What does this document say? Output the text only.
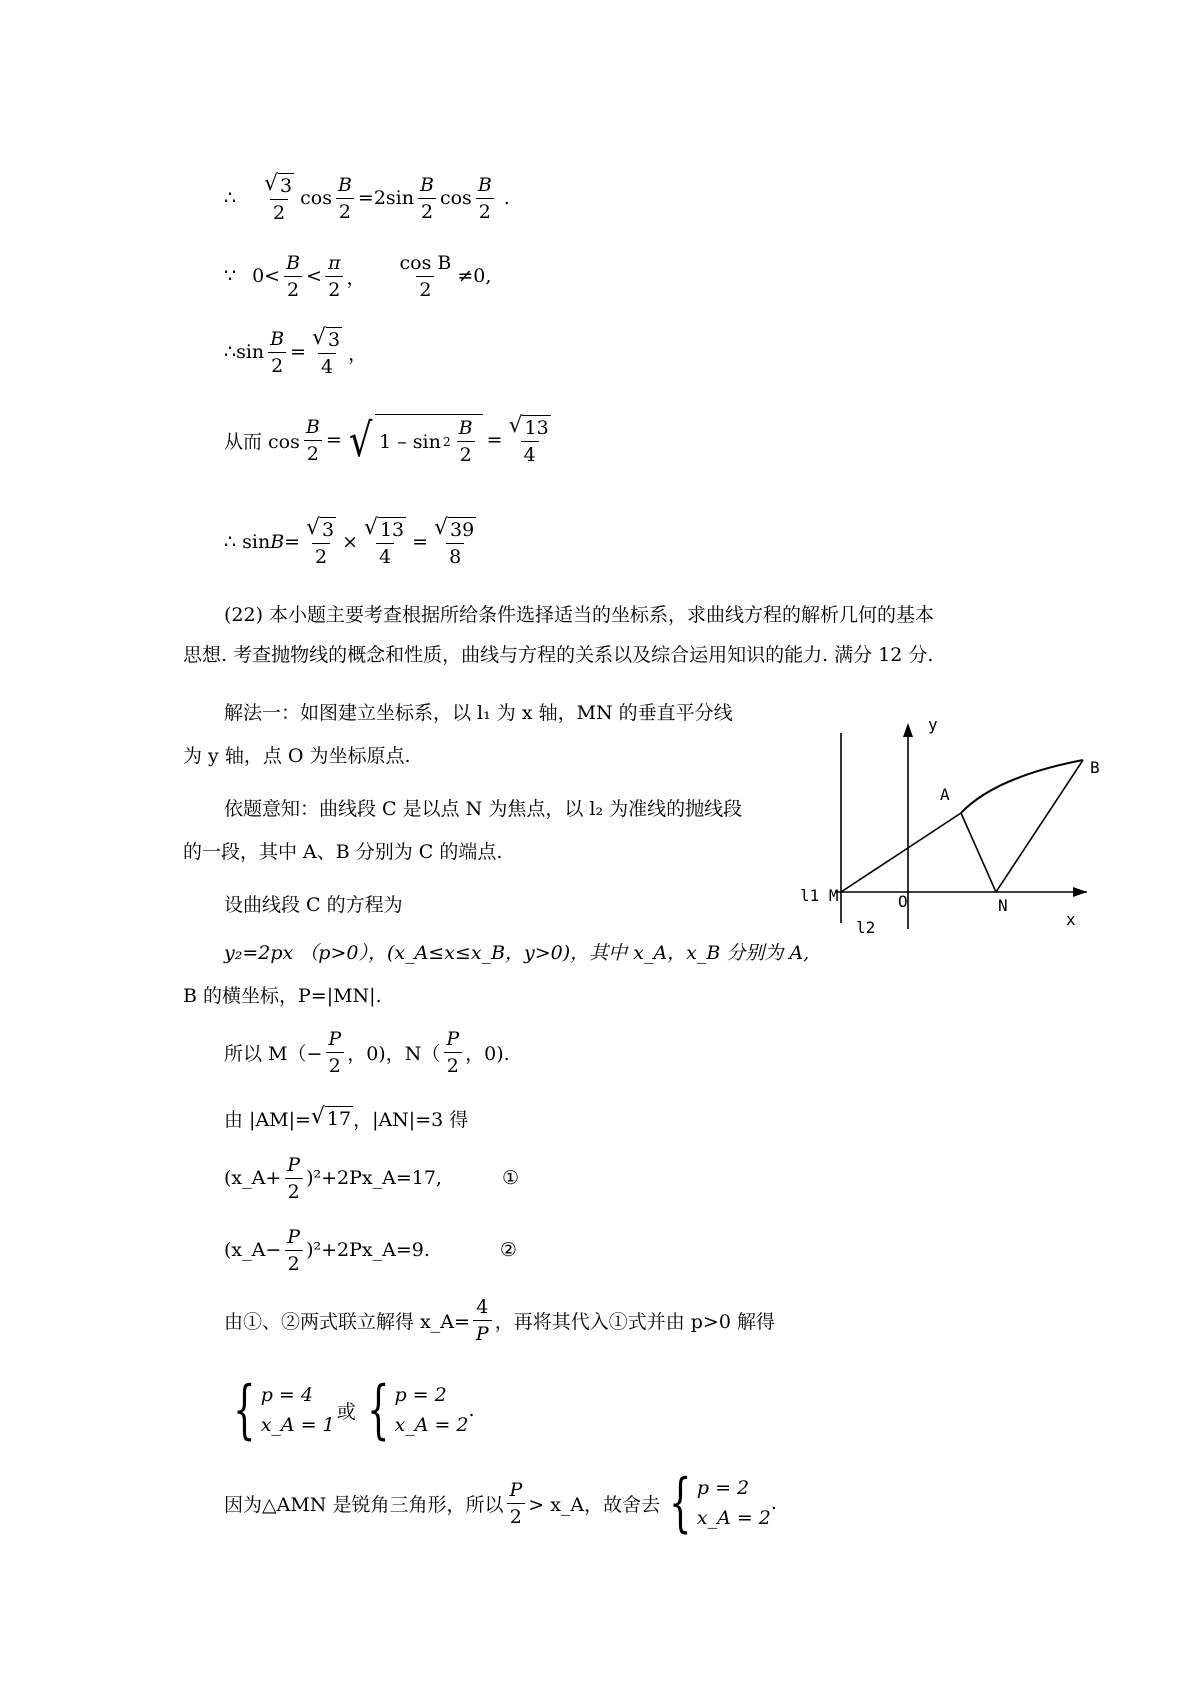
∴ $\frac{√ 3}{2}$ $\cos \frac{B}{2} =2\sin \frac{B}{2}$ $\cos \frac{B}{2}$ .
∵ $0< \frac{B}{2} < \frac{\pi}{2}$ ， $\frac{\text{cos B}}{2} \ne 0$,
∴sin $\frac{B}{2} = \frac{√ 3}{4}$ ，
从而 $\cos \frac{B}{2}$ = √ $1 - \sin 2 \frac{B}{2} = \frac{√ 13}{4}$
∴ $\sin B = \frac{√ 3}{2} \times \frac{√ 13}{4} = \frac{√ 39}{8}$
(22) 本小题主要考查根据所给条件选择适当的坐标系，求曲线方程的解析几何的基本
思想. 考查抛物线的概念和性质，曲线与方程的关系以及综合运用知识的能力. 满分 12 分.
解法一：如图建立坐标系，以 l₁ 为 x 轴，MN 的垂直平分线
为 y 轴，点 O 为坐标原点.
依题意知：曲线段 C 是以点 N 为焦点，以 l₂ 为准线的抛线段
的一段，其中 A、B 分别为 C 的端点.
设曲线段 C 的方程为
y₂=2px （p>0），(x_A≤x≤x_B，y>0)，其中 x_A，x_B 分别为 A,
B 的横坐标，P=|MN|.
y
x
B
A
l1 M	O	N
l2
所以 $M(- \frac{P}{2}$ ，0)，$N( \frac{P}{2}$ ，0).
由 |AM|= √ 17 ，|AN|=3 得
(x_A+ $\frac{P}{2}$ )²+2Px_A=17,	①
(x_A− $\frac{P}{2}$ )²+2Px_A=9.	②
由①、②两式联立解得 x_A= $\frac{4}{P}$ ，再将其代入①式并由 p>0 解得
{ p = 4
x_A = 1
或 { p = 2
x_A = 2
.
因为△AMN 是锐角三角形，所以 $\frac{P}{2}$ > x_A，故舍去 { p = 2
x_A = 2
.
